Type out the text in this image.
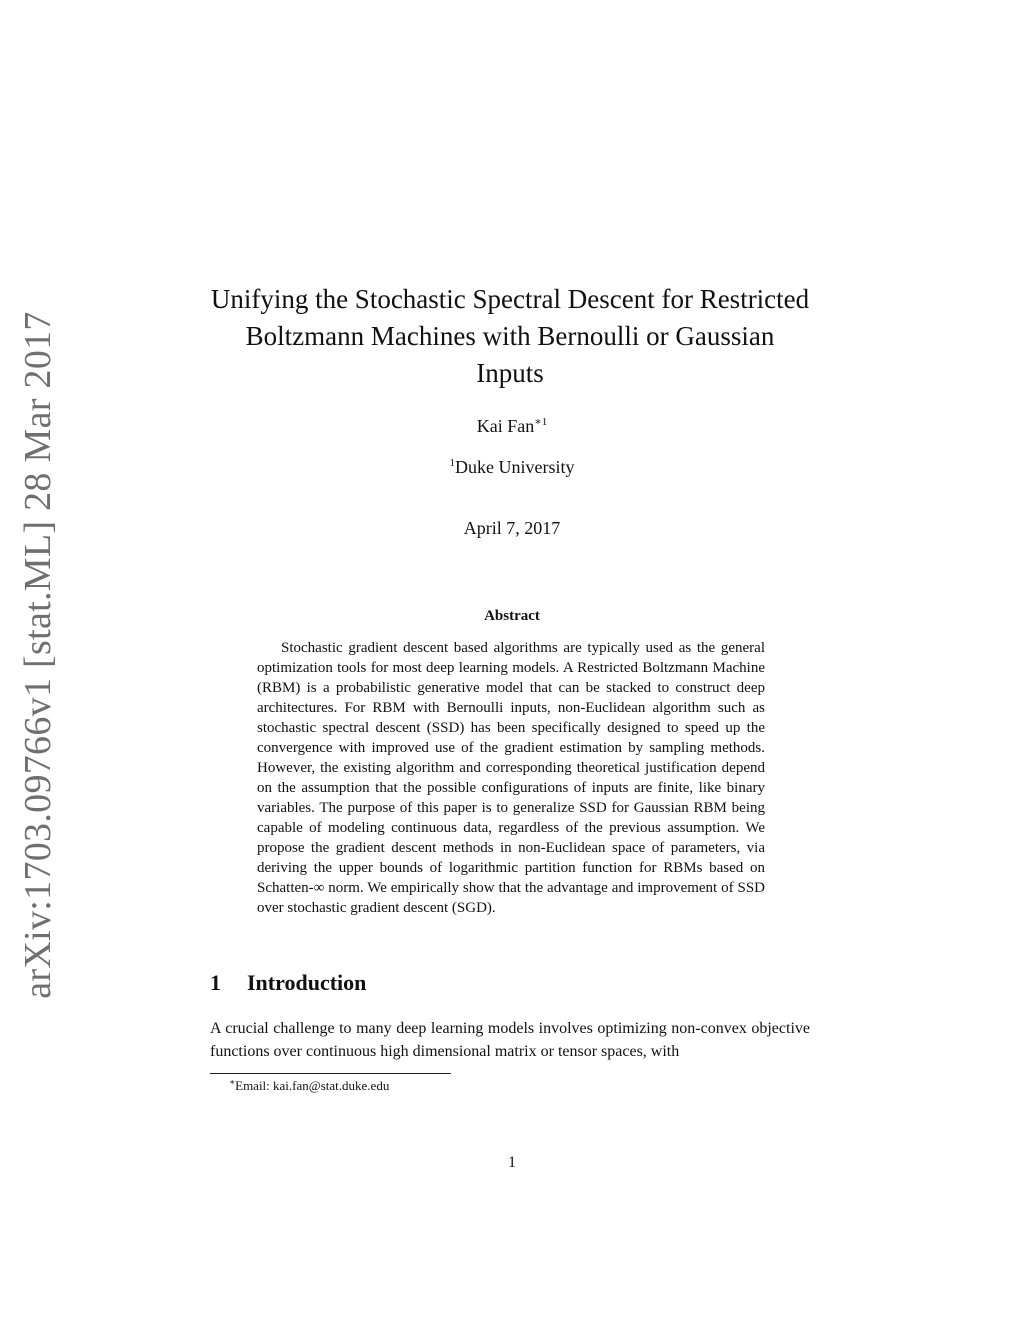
arXiv:1703.09766v1 [stat.ML] 28 Mar 2017
Unifying the Stochastic Spectral Descent for Restricted Boltzmann Machines with Bernoulli or Gaussian Inputs
Kai Fan$^{∗1}$
$^1$Duke University
April 7, 2017
Abstract

Stochastic gradient descent based algorithms are typically used as the general optimization tools for most deep learning models. A Restricted Boltzmann Machine (RBM) is a probabilistic generative model that can be stacked to construct deep architectures. For RBM with Bernoulli inputs, non-Euclidean algorithm such as stochastic spectral descent (SSD) has been specifically designed to speed up the convergence with improved use of the gradient estimation by sampling methods. However, the existing algorithm and corresponding theoretical justification depend on the assumption that the possible configurations of inputs are finite, like binary variables. The purpose of this paper is to generalize SSD for Gaussian RBM being capable of modeling continuous data, regardless of the previous assumption. We propose the gradient descent methods in non-Euclidean space of parameters, via deriving the upper bounds of logarithmic partition function for RBMs based on Schatten-∞ norm. We empirically show that the advantage and improvement of SSD over stochastic gradient descent (SGD).

1 Introduction

A crucial challenge to many deep learning models involves optimizing non-convex objective functions over continuous high dimensional matrix or tensor spaces, with

∗Email: kai.fan@stat.duke.edu
1
